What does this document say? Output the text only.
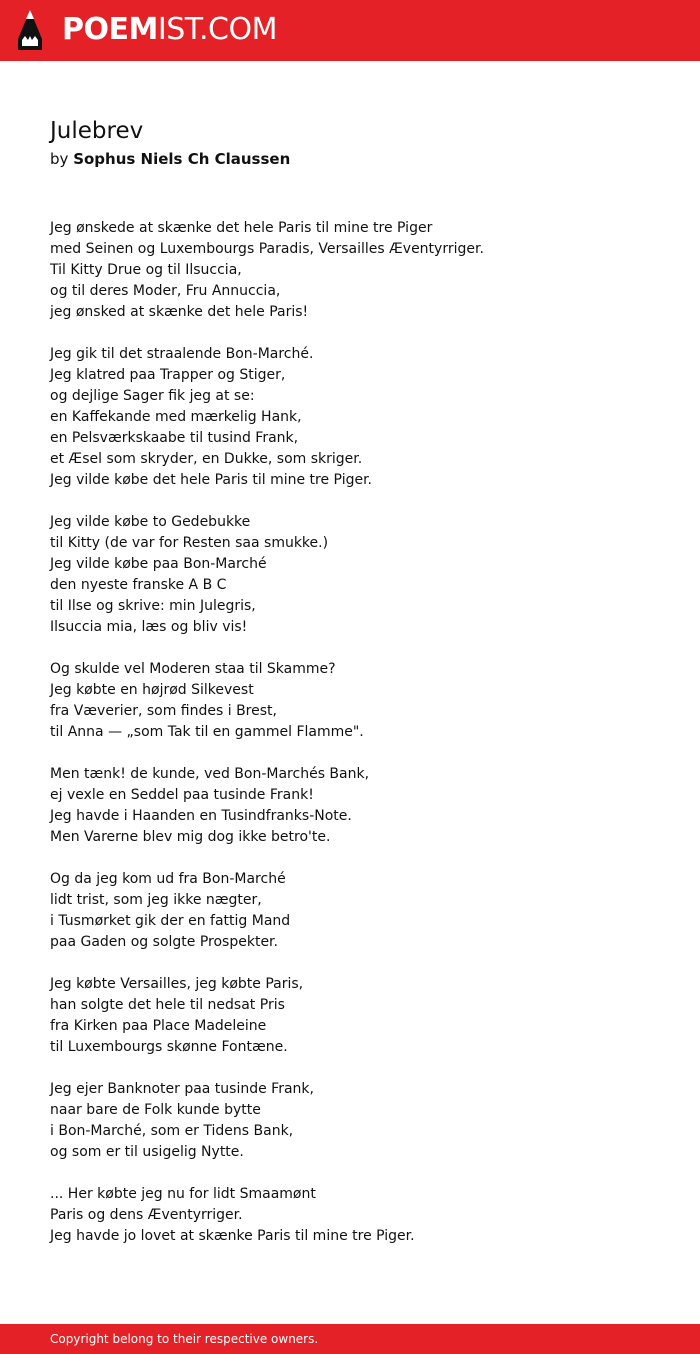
POEMIST.COM
Julebrev
by Sophus Niels Ch Claussen
Jeg ønskede at skænke det hele Paris til mine tre Piger
med Seinen og Luxembourgs Paradis, Versailles Æventyrriger.
Til Kitty Drue og til Ilsuccia,
og til deres Moder, Fru Annuccia,
jeg ønsked at skænke det hele Paris!
Jeg gik til det straalende Bon-Marché.
Jeg klatred paa Trapper og Stiger,
og dejlige Sager fik jeg at se:
en Kaffekande med mærkelig Hank,
en Pelsværkskaabe til tusind Frank,
et Æsel som skryder, en Dukke, som skriger.
Jeg vilde købe det hele Paris til mine tre Piger.
Jeg vilde købe to Gedebukke
til Kitty (de var for Resten saa smukke.)
Jeg vilde købe paa Bon-Marché
den nyeste franske A B C
til Ilse og skrive: min Julegris,
Ilsuccia mia, læs og bliv vis!
Og skulde vel Moderen staa til Skamme?
Jeg købte en højrød Silkevest
fra Væverier, som findes i Brest,
til Anna — „som Tak til en gammel Flamme".
Men tænk! de kunde, ved Bon-Marchés Bank,
ej vexle en Seddel paa tusinde Frank!
Jeg havde i Haanden en Tusindfranks-Note.
Men Varerne blev mig dog ikke betro'te.
Og da jeg kom ud fra Bon-Marché
lidt trist, som jeg ikke nægter,
i Tusmørket gik der en fattig Mand
paa Gaden og solgte Prospekter.
Jeg købte Versailles, jeg købte Paris,
han solgte det hele til nedsat Pris
fra Kirken paa Place Madeleine
til Luxembourgs skønne Fontæne.
Jeg ejer Banknoter paa tusinde Frank,
naar bare de Folk kunde bytte
i Bon-Marché, som er Tidens Bank,
og som er til usigelig Nytte.
... Her købte jeg nu for lidt Smaamønt
Paris og dens Æventyrriger.
Jeg havde jo lovet at skænke Paris til mine tre Piger.
Copyright belong to their respective owners.
